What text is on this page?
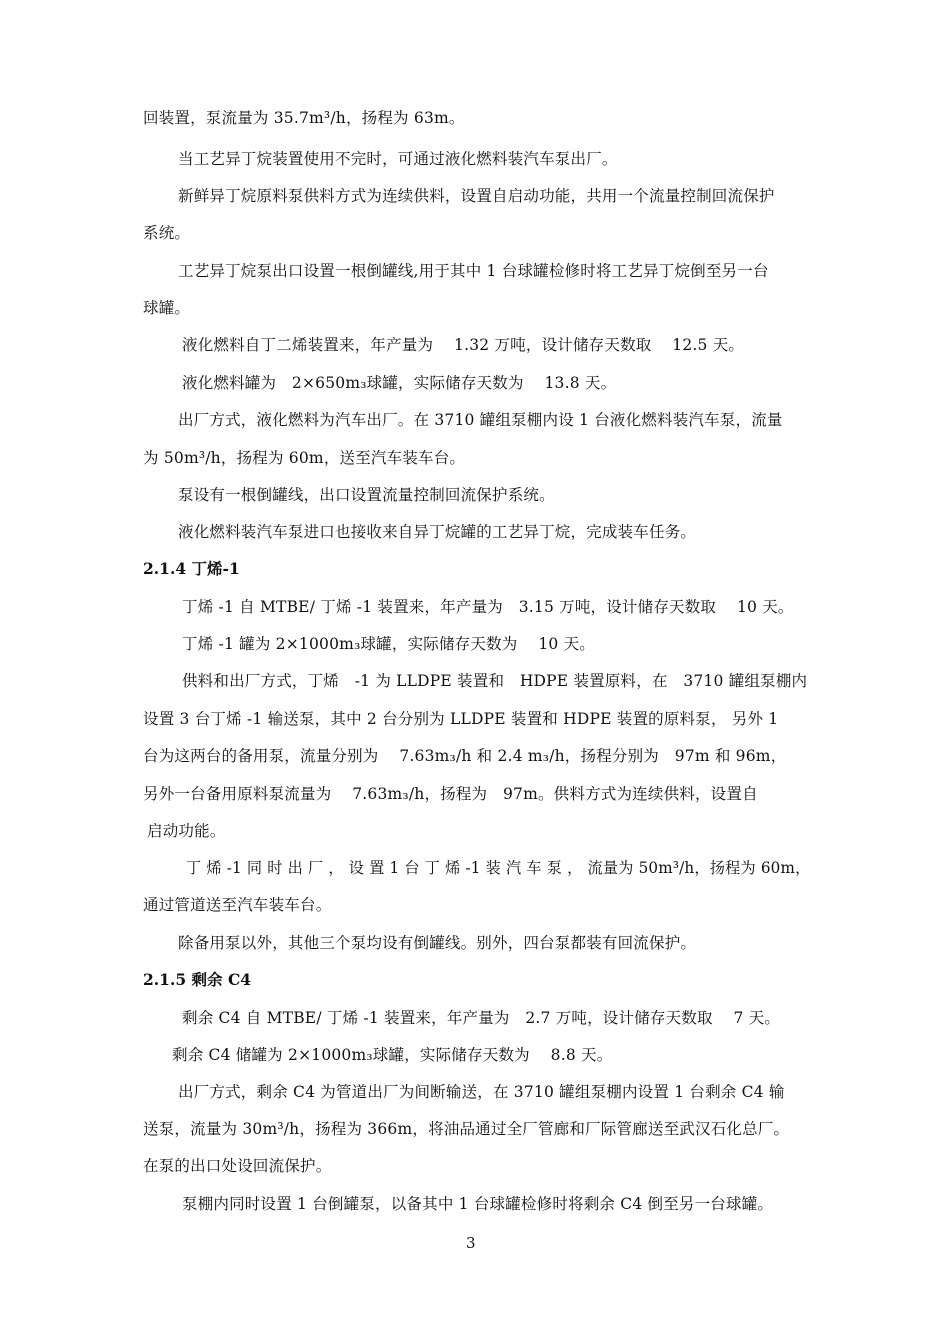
回装置，泵流量为 35.7m³/h，扬程为 63m。
当工艺异丁烷装置使用不完时，可通过液化燃料装汽车泵出厂。
新鲜异丁烷原料泵供料方式为连续供料，设置自启动功能，共用一个流量控制回流保护
系统。
工艺异丁烷泵出口设置一根倒罐线,用于其中 1 台球罐检修时将工艺异丁烷倒至另一台
球罐。
液化燃料自丁二烯装置来，年产量为　 1.32 万吨，设计储存天数取　 12.5 天。
液化燃料罐为　2×650m₃球罐，实际储存天数为　 13.8 天。
出厂方式，液化燃料为汽车出厂。在 3710 罐组泵棚内设 1 台液化燃料装汽车泵，流量
为 50m³/h，扬程为 60m，送至汽车装车台。
泵设有一根倒罐线，出口设置流量控制回流保护系统。
液化燃料装汽车泵进口也接收来自异丁烷罐的工艺异丁烷，完成装车任务。
2.1.4 丁烯-1
丁烯 -1 自 MTBE/ 丁烯 -1 装置来，年产量为　3.15 万吨，设计储存天数取　 10 天。
丁烯 -1 罐为 2×1000m₃球罐，实际储存天数为　 10 天。
供料和出厂方式，丁烯　-1 为 LLDPE 装置和　HDPE 装置原料，在　3710 罐组泵棚内
设置 3 台丁烯 -1 输送泵，其中 2 台分别为 LLDPE 装置和 HDPE 装置的原料泵， 另外 1
台为这两台的备用泵，流量分别为　 7.63m₃/h 和 2.4 m₃/h，扬程分别为　97m 和 96m，
另外一台备用原料泵流量为　 7.63m₃/h，扬程为　97m。供料方式为连续供料，设置自
启动功能。
丁 烯 -1 同 时 出 厂 ， 设 置 1 台 丁 烯 -1 装 汽 车 泵 ， 流量为 50m³/h，扬程为 60m，
通过管道送至汽车装车台。
除备用泵以外，其他三个泵均设有倒罐线。别外，四台泵都装有回流保护。
2.1.5 剩余 C4
剩余 C4 自 MTBE/ 丁烯 -1 装置来，年产量为　2.7 万吨，设计储存天数取　 7 天。
剩余 C4 储罐为 2×1000m₃球罐，实际储存天数为　 8.8 天。
出厂方式，剩余 C4 为管道出厂为间断输送，在 3710 罐组泵棚内设置 1 台剩余 C4 输
送泵，流量为 30m³/h，扬程为 366m，将油品通过全厂管廊和厂际管廊送至武汉石化总厂。
在泵的出口处设回流保护。
泵棚内同时设置 1 台倒罐泵，以备其中 1 台球罐检修时将剩余 C4 倒至另一台球罐。
3
